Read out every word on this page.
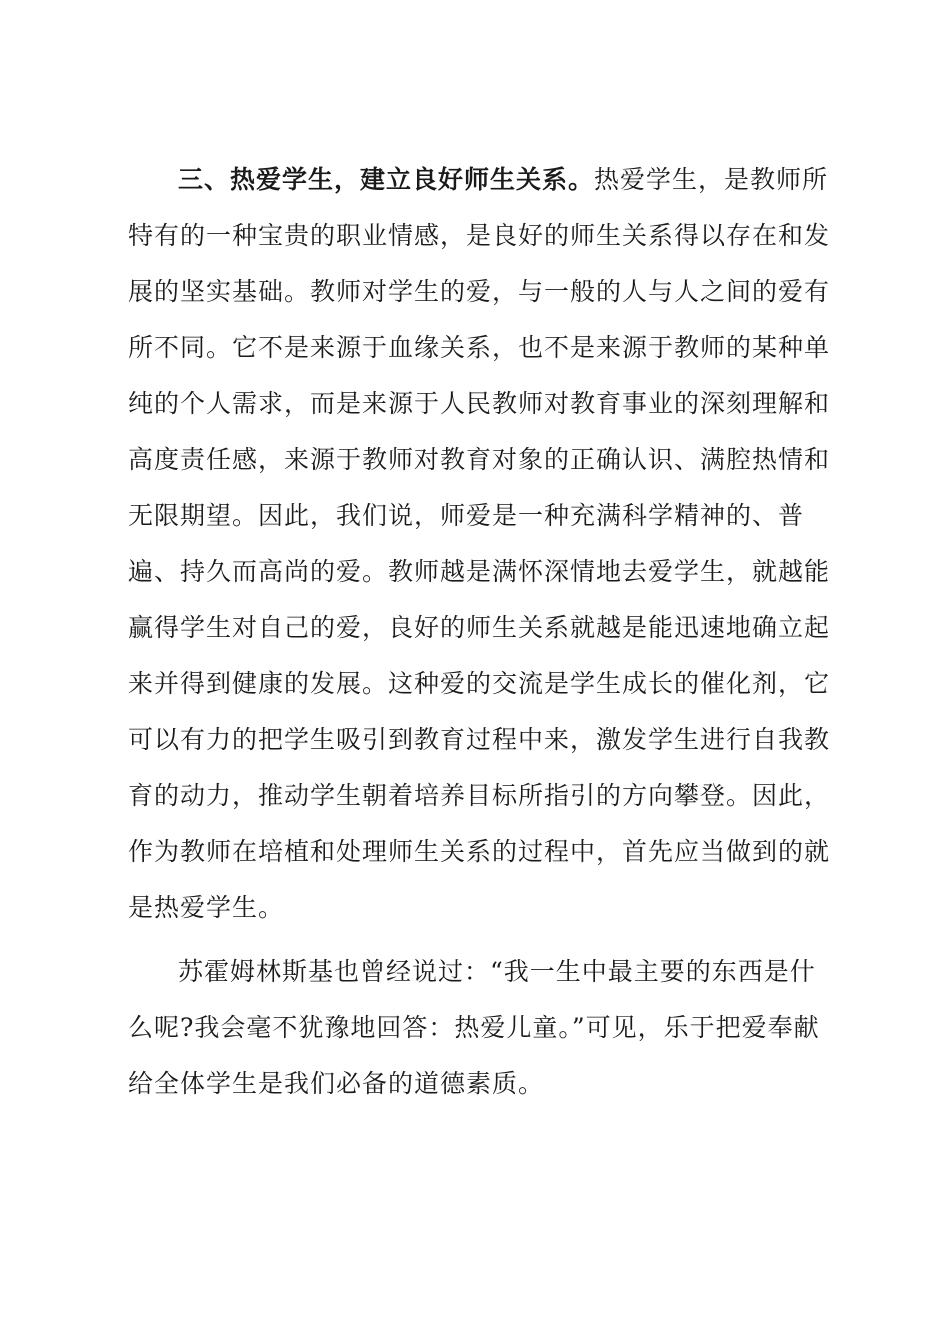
三、热爱学生，建立良好师生关系。热爱学生，是教师所
特有的一种宝贵的职业情感，是良好的师生关系得以存在和发
展的坚实基础。教师对学生的爱，与一般的人与人之间的爱有
所不同。它不是来源于血缘关系，也不是来源于教师的某种单
纯的个人需求，而是来源于人民教师对教育事业的深刻理解和
高度责任感，来源于教师对教育对象的正确认识、满腔热情和
无限期望。因此，我们说，师爱是一种充满科学精神的、普
遍、持久而高尚的爱。教师越是满怀深情地去爱学生，就越能
赢得学生对自己的爱，良好的师生关系就越是能迅速地确立起
来并得到健康的发展。这种爱的交流是学生成长的催化剂，它
可以有力的把学生吸引到教育过程中来，激发学生进行自我教
育的动力，推动学生朝着培养目标所指引的方向攀登。因此，
作为教师在培植和处理师生关系的过程中，首先应当做到的就
是热爱学生。
苏霍姆林斯基也曾经说过：“我一生中最主要的东西是什
么呢?我会毫不犹豫地回答：热爱儿童。”可见，乐于把爱奉献
给全体学生是我们必备的道德素质。
